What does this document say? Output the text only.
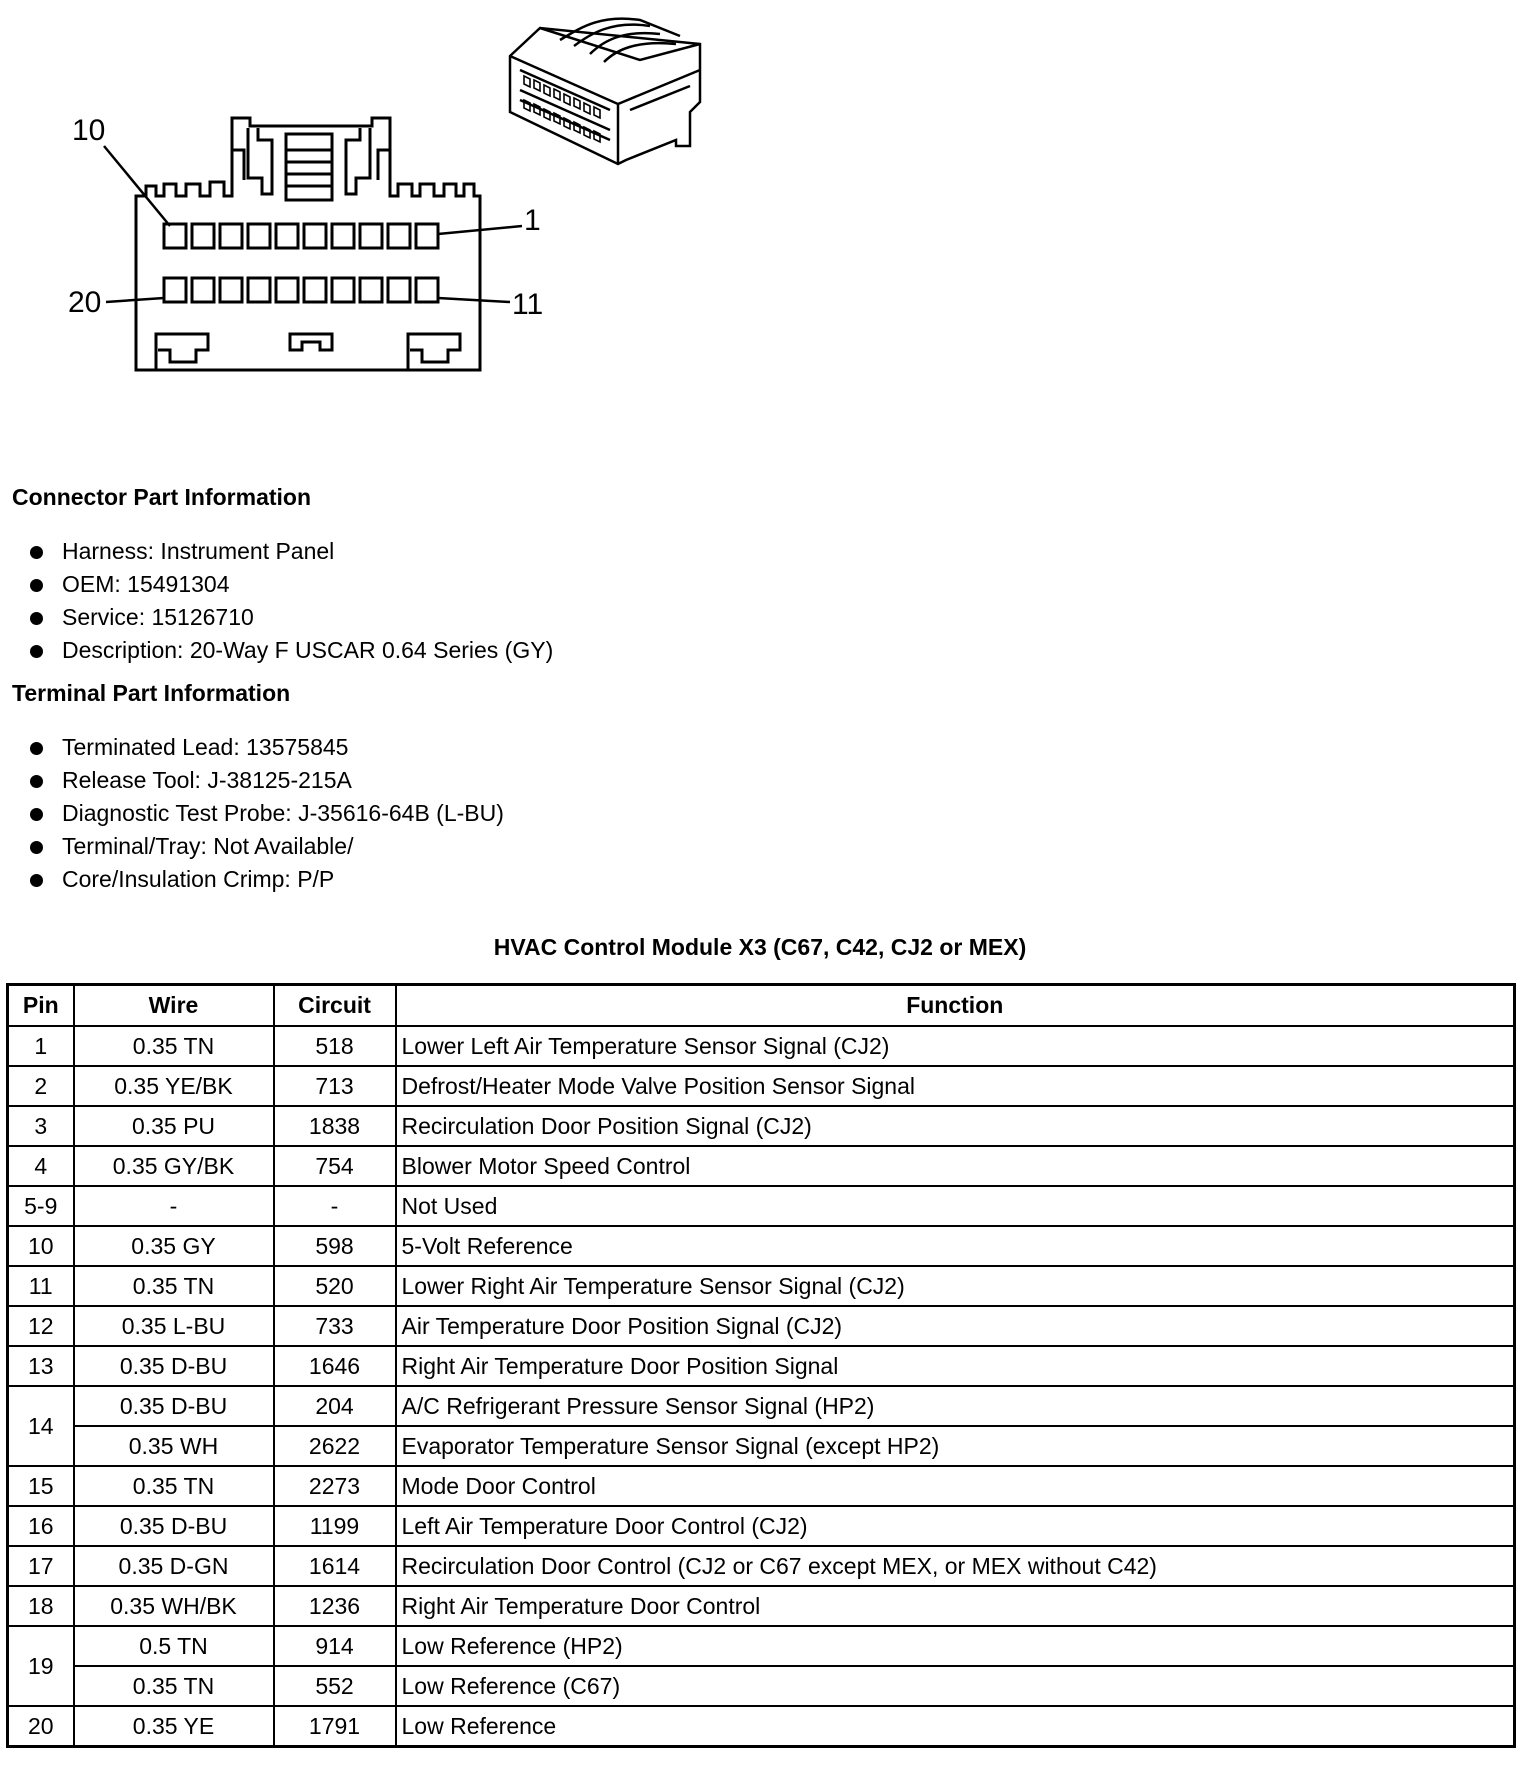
10
1
20	11
Connector Part Information
Harness: Instrument Panel
OEM: 15491304
Service: 15126710
Description: 20-Way F USCAR 0.64 Series (GY)
Terminal Part Information
Terminated Lead: 13575845
Release Tool: J-38125-215A
Diagnostic Test Probe: J-35616-64B (L-BU)
Terminal/Tray: Not Available/
Core/Insulation Crimp: P/P
HVAC Control Module X3 (C67, C42, CJ2 or MEX)
Pin	Wire	Circuit	Function
1	0.35 TN	518	Lower Left Air Temperature Sensor Signal (CJ2)
2	0.35 YE/BK	713	Defrost/Heater Mode Valve Position Sensor Signal
3	0.35 PU	1838	Recirculation Door Position Signal (CJ2)
4	0.35 GY/BK	754	Blower Motor Speed Control
5-9	-	-	Not Used
10	0.35 GY	598	5-Volt Reference
11	0.35 TN	520	Lower Right Air Temperature Sensor Signal (CJ2)
12	0.35 L-BU	733	Air Temperature Door Position Signal (CJ2)
13	0.35 D-BU	1646	Right Air Temperature Door Position Signal
14	0.35 D-BU	204	A/C Refrigerant Pressure Sensor Signal (HP2)
	0.35 WH	2622	Evaporator Temperature Sensor Signal (except HP2)
15	0.35 TN	2273	Mode Door Control
16	0.35 D-BU	1199	Left Air Temperature Door Control (CJ2)
17	0.35 D-GN	1614	Recirculation Door Control (CJ2 or C67 except MEX, or MEX without C42)
18	0.35 WH/BK	1236	Right Air Temperature Door Control
19	0.5 TN	914	Low Reference (HP2)
	0.35 TN	552	Low Reference (C67)
20	0.35 YE	1791	Low Reference
